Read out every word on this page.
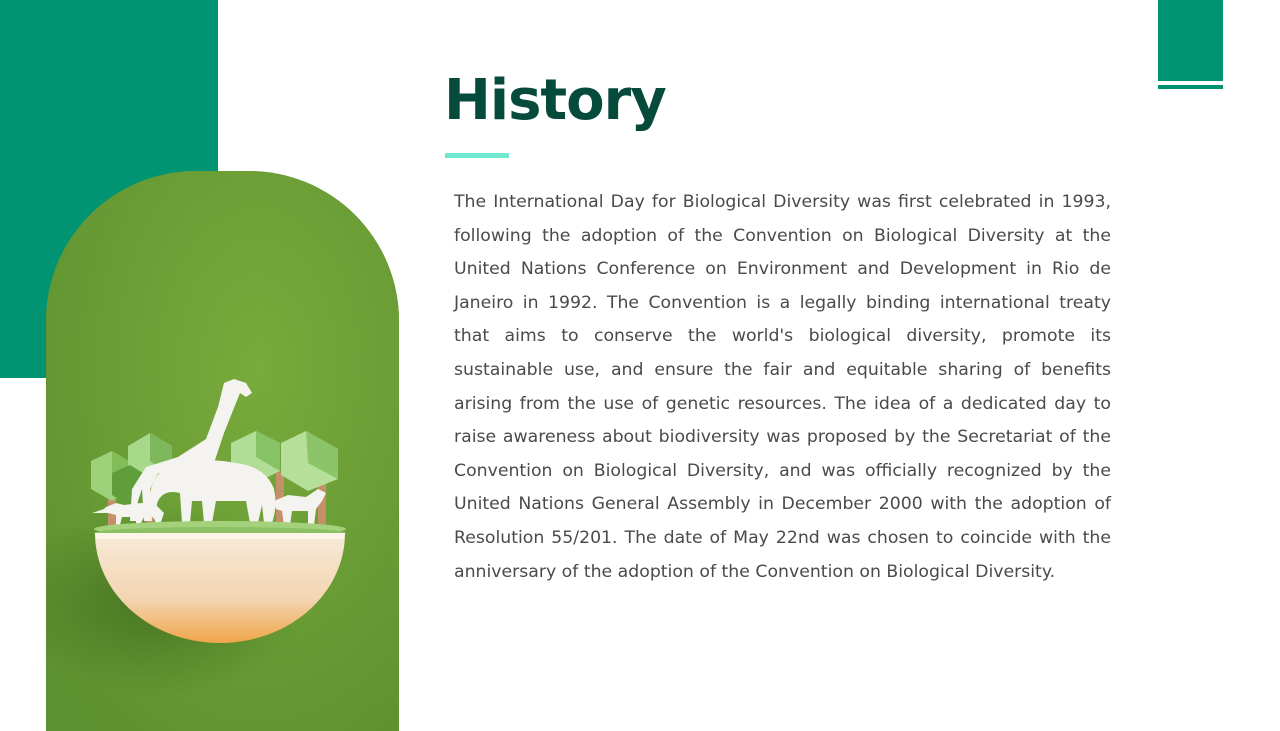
History

The International Day for Biological Diversity was first celebrated in 1993, following the adoption of the Convention on Biological Diversity at the United Nations Conference on Environment and Development in Rio de Janeiro in 1992. The Convention is a legally binding international treaty that aims to conserve the world's biological diversity, promote its sustainable use, and ensure the fair and equitable sharing of benefits arising from the use of genetic resources. The idea of a dedicated day to raise awareness about biodiversity was proposed by the Secretariat of the Convention on Biological Diversity, and was officially recognized by the United Nations General Assembly in December 2000 with the adoption of Resolution 55/201. The date of May 22nd was chosen to coincide with the anniversary of the adoption of the Convention on Biological Diversity.
